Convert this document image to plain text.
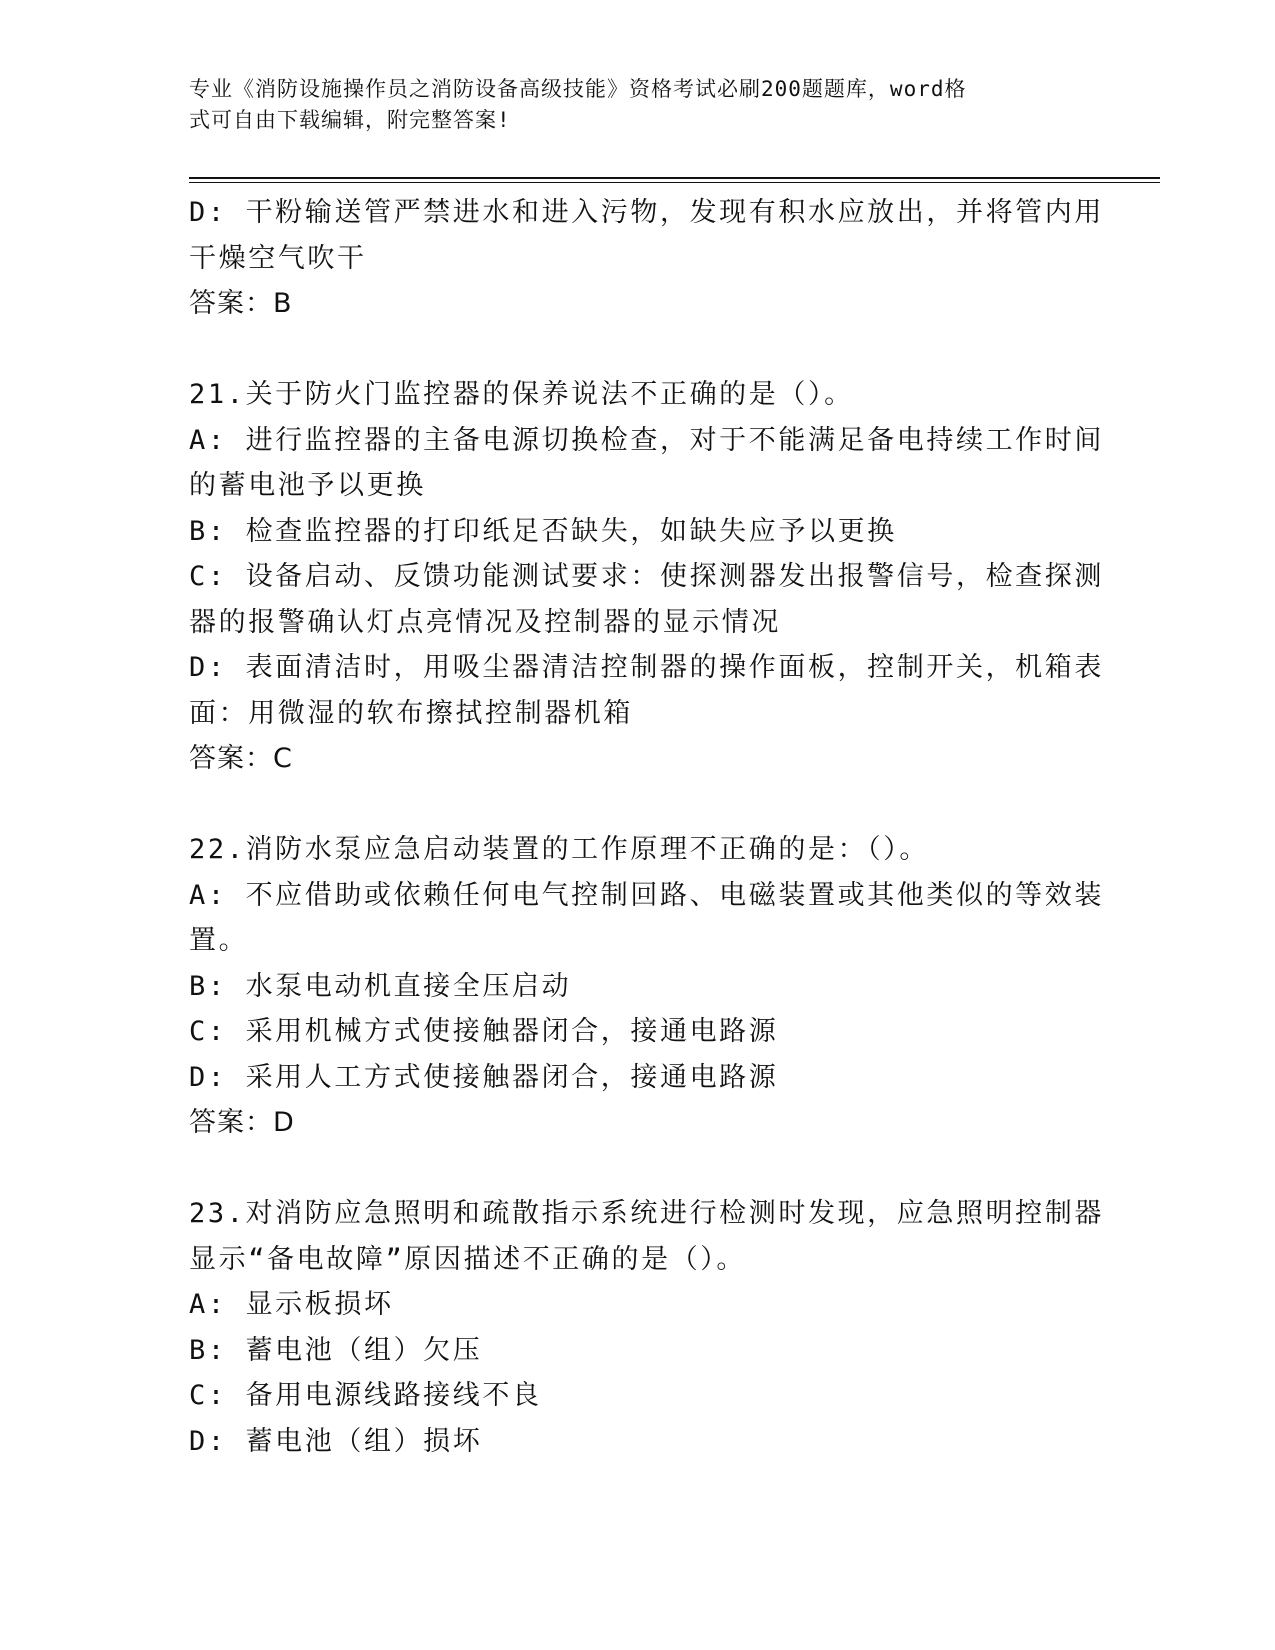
专业《消防设施操作员之消防设备高级技能》资格考试必刷200题题库，word格
式可自由下载编辑，附完整答案!
D: 干粉输送管严禁进水和进入污物，发现有积水应放出，并将管内用
干燥空气吹干
答案：B
21.关于防火门监控器的保养说法不正确的是（）。
A: 进行监控器的主备电源切换检查，对于不能满足备电持续工作时间
的蓄电池予以更换
B: 检查监控器的打印纸足否缺失，如缺失应予以更换
C: 设备启动、反馈功能测试要求：使探测器发出报警信号，检查探测
器的报警确认灯点亮情况及控制器的显示情况
D: 表面清洁时，用吸尘器清洁控制器的操作面板，控制开关，机箱表
面：用微湿的软布擦拭控制器机箱
答案：C
22.消防水泵应急启动装置的工作原理不正确的是：（）。
A: 不应借助或依赖任何电气控制回路、电磁装置或其他类似的等效装
置。
B: 水泵电动机直接全压启动
C: 采用机械方式使接触器闭合，接通电路源
D: 采用人工方式使接触器闭合，接通电路源
答案：D
23.对消防应急照明和疏散指示系统进行检测时发现，应急照明控制器
显示“备电故障”原因描述不正确的是（）。
A: 显示板损坏
B: 蓄电池（组）欠压
C: 备用电源线路接线不良
D: 蓄电池（组）损坏
